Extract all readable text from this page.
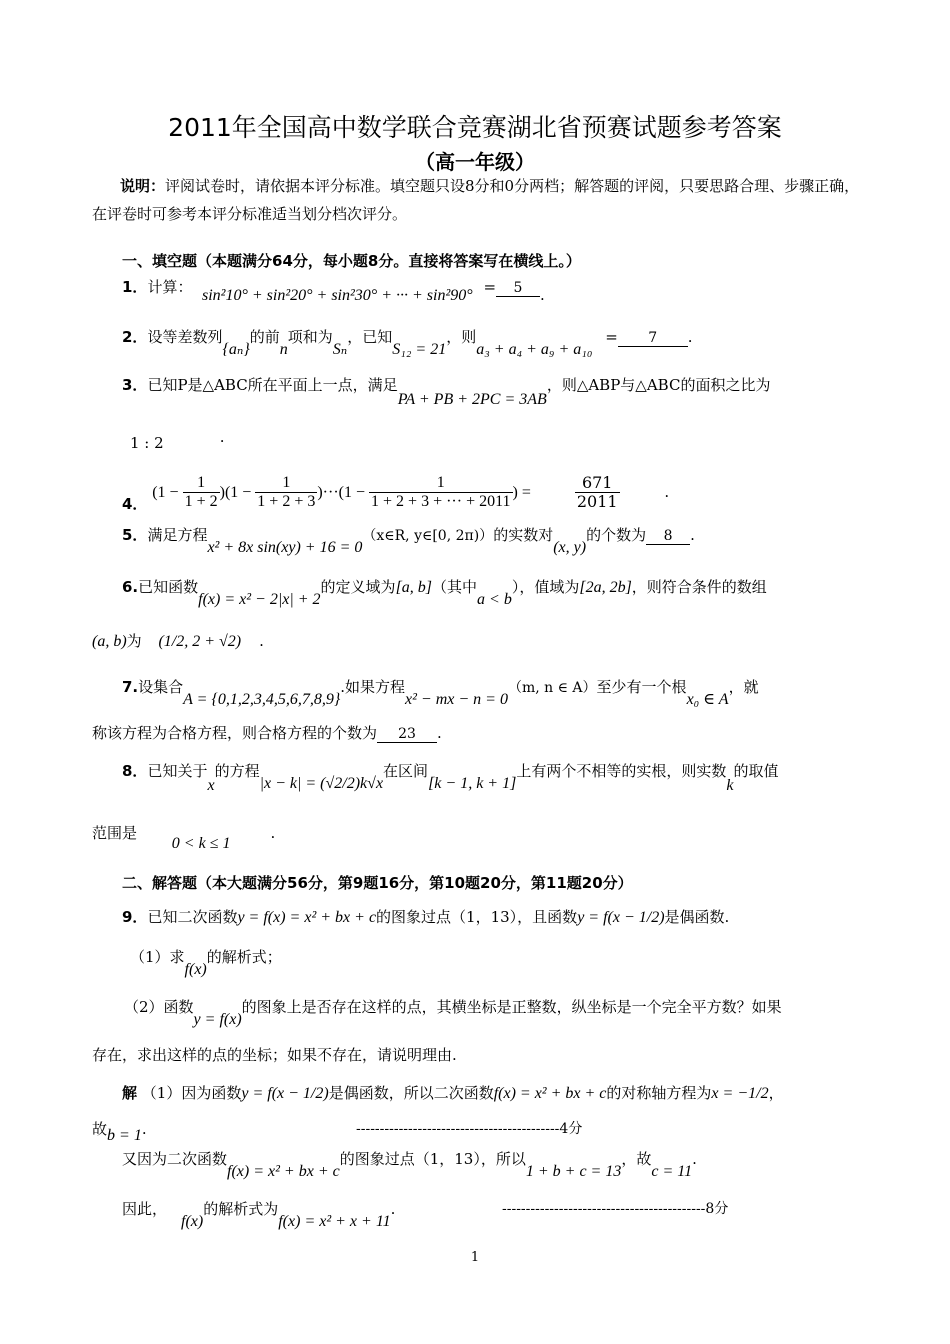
2011年全国高中数学联合竞赛湖北省预赛试题参考答案
（高一年级）
说明：评阅试卷时，请依据本评分标准。填空题只设8分和0分两档；解答题的评阅，只要思路合理、步骤正确，在评卷时可参考本评分标准适当划分档次评分。
一、填空题（本题满分64分，每小题8分。直接将答案写在横线上。）
1．计算： sin²10° + sin²20° + sin²30° + ··· + sin²90° = 5 .
2．设等差数列{aₙ}的前n项和为Sₙ，已知S₁₂ = 21，则a₃ + a₄ + a₉ + a₁₀ = 7 .
3．已知P是△ABC所在平面上一点，满足PA + PB + 2PC = 3AB，则△ABP与△ABC的面积之比为
1 : 2	.
4． $(1 - \frac{1}{1 + 2} )(1 - \frac{1}{1 + 2 + 3} )\cdot\cdot\cdot(1 - \frac{1}{1 + 2 + 3 + \cdot\cdot\cdot + 2011}$ ) =	$\frac{671}{2011}$	.
5．满足方程x² + 8x sin(xy) + 16 = 0（x∈R, y∈[0, 2π)）的实数对(x, y)的个数为 8 .
6.已知函数f(x) = x² − 2|x| + 2的定义域为[a, b]（其中a < b），值域为[2a, 2b]，则符合条件的数组
(a, b)为 (1/2, 2 + √2) .
7.设集合A = {0,1,2,3,4,5,6,7,8,9}.如果方程x² − mx − n = 0（m, n ∈ A）至少有一个根x₀ ∈ A，就
称该方程为合格方程，则合格方程的个数为 23 .
8．已知关于x的方程|x − k| = (√2/2)k√x在区间[k − 1, k + 1]上有两个不相等的实根，则实数k的取值
范围是 0 < k ≤ 1.
二、解答题（本大题满分56分，第9题16分，第10题20分，第11题20分）
9．已知二次函数y = f(x) = x² + bx + c的图象过点（1，13），且函数y = f(x − 1/2)是偶函数.
（1）求f(x)的解析式；
（2）函数y = f(x)的图象上是否存在这样的点，其横坐标是正整数，纵坐标是一个完全平方数？如果
存在，求出这样的点的坐标；如果不存在，请说明理由.
解 （1）因为函数y = f(x − 1/2)是偶函数，所以二次函数f(x) = x² + bx + c的对称轴方程为x = −1/2，
故b = 1.	-------------------------------------------4分
又因为二次函数f(x) = x² + bx + c的图象过点（1，13），所以1 + b + c = 13，故c = 11.
因此，f(x)的解析式为f(x) = x² + x + 11.	-------------------------------------------8分
1
